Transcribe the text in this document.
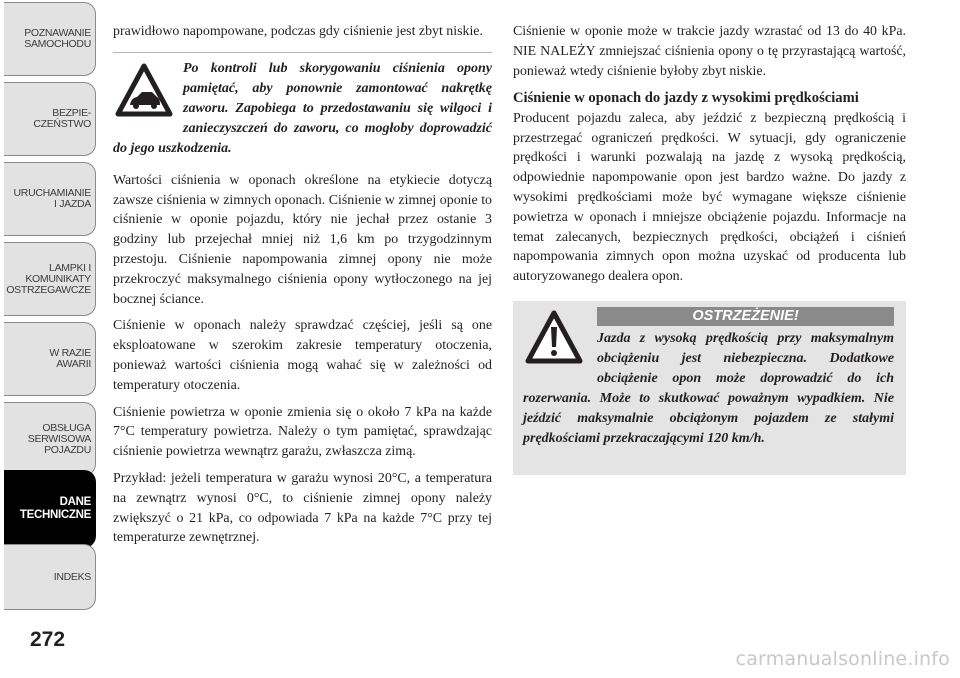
POZNAWANIE
SAMOCHODU
BEZPIE-
CZEŃSTWO
URUCHAMIANIE
I JAZDA
LAMPKI I
KOMUNIKATY
OSTRZEGAWCZE
W RAZIE
AWARII
OBSŁUGA
SERWISOWA
POJAZDU
DANE
TECHNICZNE
INDEKS
272

prawidłowo napompowane, podczas gdy ciśnienie jest zbyt niskie.

Po kontroli lub skorygowaniu ciśnienia opony pamiętać, aby ponownie zamontować nakrętkę zaworu. Zapobiega to przedostawaniu się wilgoci i zanieczyszczeń do zaworu, co mogłoby doprowadzić do jego uszkodzenia.

Wartości ciśnienia w oponach określone na etykiecie dotyczą zawsze ciśnienia w zimnych oponach. Ciśnienie w zimnej oponie to ciśnienie w oponie pojazdu, który nie jechał przez ostanie 3 godziny lub przejechał mniej niż 1,6 km po trzygodzinnym przestoju. Ciśnienie napompowania zimnej opony nie może przekroczyć maksymalnego ciśnienia opony wytłoczonego na jej bocznej ściance.

Ciśnienie w oponach należy sprawdzać częściej, jeśli są one eksploatowane w szerokim zakresie temperatury otoczenia, ponieważ wartości ciśnienia mogą wahać się w zależności od temperatury otoczenia.

Ciśnienie powietrza w oponie zmienia się o około 7 kPa na każde 7°C temperatury powietrza. Należy o tym pamiętać, sprawdzając ciśnienie powietrza wewnątrz garażu, zwłaszcza zimą.

Przykład: jeżeli temperatura w garażu wynosi 20°C, a temperatura na zewnątrz wynosi 0°C, to ciśnienie zimnej opony należy zwiększyć o 21 kPa, co odpowiada 7 kPa na każde 7°C przy tej temperaturze zewnętrznej.

Ciśnienie w oponie może w trakcie jazdy wzrastać od 13 do 40 kPa. NIE NALEŻY zmniejszać ciśnienia opony o tę przyrastającą wartość, ponieważ wtedy ciśnienie byłoby zbyt niskie.

Ciśnienie w oponach do jazdy z wysokimi prędkościami

Producent pojazdu zaleca, aby jeździć z bezpieczną prędkością i przestrzegać ograniczeń prędkości. W sytuacji, gdy ograniczenie prędkości i warunki pozwalają na jazdę z wysoką prędkością, odpowiednie napompowanie opon jest bardzo ważne. Do jazdy z wysokimi prędkościami może być wymagane większe ciśnienie powietrza w oponach i mniejsze obciążenie pojazdu. Informacje na temat zalecanych, bezpiecznych prędkości, obciążeń i ciśnień napompowania zimnych opon można uzyskać od producenta lub autoryzowanego dealera opon.

OSTRZEŻENIE!
Jazda z wysoką prędkością przy maksymalnym obciążeniu jest niebezpieczna. Dodatkowe obciążenie opon może doprowadzić do ich rozerwania. Może to skutkować poważnym wypadkiem. Nie jeździć maksymalnie obciążonym pojazdem ze stałymi prędkościami przekraczającymi 120 km/h.
carmanualsonline.info
